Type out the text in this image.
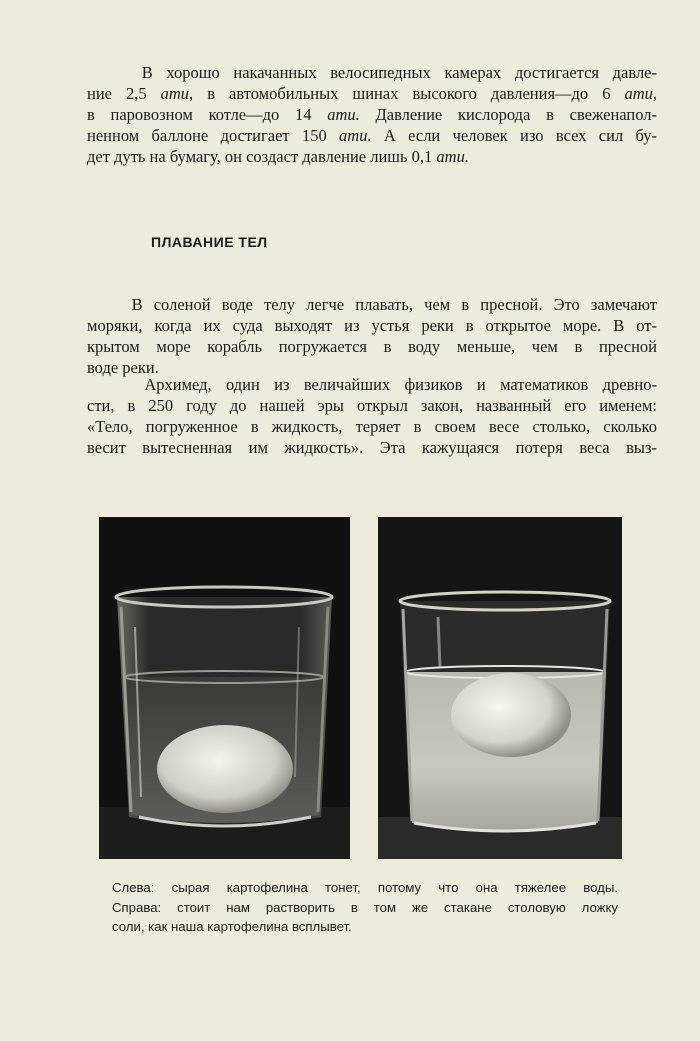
В хорошо накачанных велосипедных камерах достигается давле-
ние 2,5 ати, в автомобильных шинах высокого давления—до 6 ати,
в паровозном котле—до 14 ати. Давление кислорода в свеженапол-
ненном баллоне достигает 150 ати. А если человек изо всех сил бу-
дет дуть на бумагу, он создаст давление лишь 0,1 ати.

ПЛАВАНИЕ ТЕЛ

В соленой воде телу легче плавать, чем в пресной. Это замечают
моряки, когда их суда выходят из устья реки в открытое море. В от-
крытом море корабль погружается в воду меньше, чем в пресной
воде реки.

Архимед, один из величайших физиков и математиков древно-
сти, в 250 году до нашей эры открыл закон, названный его именем:
«Тело, погруженное в жидкость, теряет в своем весе столько, сколько
весит вытесненная им жидкость». Эта кажущаяся потеря веса выз-

Слева: сырая картофелина тонет, потому что она тяжелее воды.
Справа: стоит нам растворить в том же стакане столовую ложку
соли, как наша картофелина всплывет.
